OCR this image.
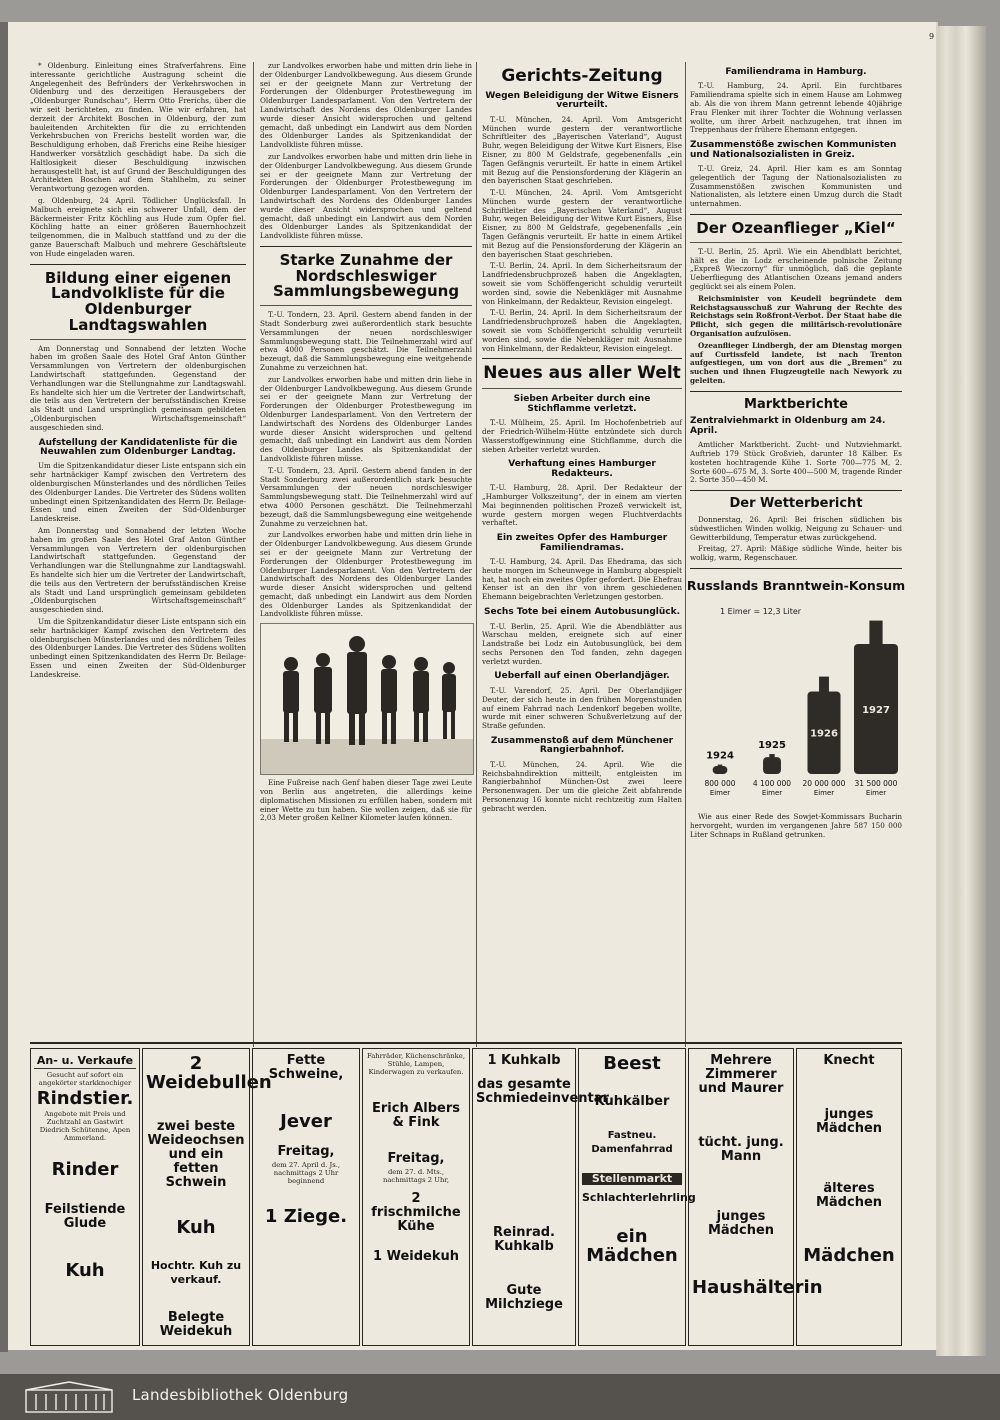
9

* Oldenburg. Einleitung eines Strafverfahrens. Eine interessante gerichtliche Austragung scheint die Angelegenheit des Befründers der Verkehrswochen in Oldenburg und des derzeitigen Herausgebers der „Oldenburger Rundschau“, Herrn Otto Frerichs, über die wir seit berichteten, zu finden. Wie wir erfahren, hat derzeit der Architekt Boschen in Oldenburg, der zum bauleitenden Architekten für die zu errichtenden Verkehrsbuchen von Frerichs bestellt worden war, die Beschuldigung erhoben, daß Frerichs eine Reihe hiesiger Handwerker vorsätzlich geschädigt habe. Da sich die Haltlosigkeit dieser Beschuldigung inzwischen herausgestellt hat, ist auf Grund der Beschuldigungen des Architekten Boschen auf dem Stahlhelm, zu seiner Verantwortung gezogen worden.

g. Oldenburg, 24 April. Tödlicher Unglücksfall. In Malbuch ereignete sich ein schwerer Unfall, dem der Bäckermeister Fritz Köchling aus Hude zum Opfer fiel. Köchling hatte an einer größeren Bauernhochzeit teilgenommen, die in Malbuch stattfand und zu der die ganze Bauerschaft Malbuch und mehrere Geschäftsleute von Hude eingeladen waren.

Bildung einer eigenen Landvolkliste für die Oldenburger Landtagswahlen

Am Donnerstag und Sonnabend der letzten Woche haben im großen Saale des Hotel Graf Anton Günther Versammlungen von Vertretern der oldenburgischen Landwirtschaft stattgefunden. Gegenstand der Verhandlungen war die Stellungnahme zur Landtagswahl. Es handelte sich hier um die Vertreter der Landwirtschaft, die teils aus den Vertretern der berufsständischen Kreise als Stadt und Land ursprünglich gemeinsam gebildeten „Oldenburgischen Wirtschaftsgemeinschaft“ ausgeschieden sind.

Aufstellung der Kandidatenliste für die Neuwahlen zum Oldenburger Landtag.

Um die Spitzenkandidatur dieser Liste entspann sich ein sehr hartnäckiger Kampf zwischen den Vertretern des oldenburgischen Münsterlandes und des nördlichen Teiles des Oldenburger Landes. Die Vertreter des Südens wollten unbedingt einen Spitzenkandidaten des Herrn Dr. Beilage-Essen und einen Zweiten der Süd-Oldenburger Landeskreise.

Am Donnerstag und Sonnabend der letzten Woche haben im großen Saale des Hotel Graf Anton Günther Versammlungen von Vertretern der oldenburgischen Landwirtschaft stattgefunden. Gegenstand der Verhandlungen war die Stellungnahme zur Landtagswahl. Es handelte sich hier um die Vertreter der Landwirtschaft, die teils aus den Vertretern der berufsständischen Kreise als Stadt und Land ursprünglich gemeinsam gebildeten „Oldenburgischen Wirtschaftsgemeinschaft“ ausgeschieden sind.

Um die Spitzenkandidatur dieser Liste entspann sich ein sehr hartnäckiger Kampf zwischen den Vertretern des oldenburgischen Münsterlandes und des nördlichen Teiles des Oldenburger Landes. Die Vertreter des Südens wollten unbedingt einen Spitzenkandidaten des Herrn Dr. Beilage-Essen und einen Zweiten der Süd-Oldenburger Landeskreise.

zur Landvolkes erworben habe und mitten drin liehe in der Oldenburger Landvolkbewegung. Aus diesem Grunde sei er der geeignete Mann zur Vertretung der Forderungen der Oldenburger Protestbewegung im Oldenburger Landesparlament. Von den Vertretern der Landwirtschaft des Nordens des Oldenburger Landes wurde dieser Ansicht widersprochen und geltend gemacht, daß unbedingt ein Landwirt aus dem Norden des Oldenburger Landes als Spitzenkandidat der Landvolkliste führen müsse.

zur Landvolkes erworben habe und mitten drin liehe in der Oldenburger Landvolkbewegung. Aus diesem Grunde sei er der geeignete Mann zur Vertretung der Forderungen der Oldenburger Protestbewegung im Oldenburger Landesparlament. Von den Vertretern der Landwirtschaft des Nordens des Oldenburger Landes wurde dieser Ansicht widersprochen und geltend gemacht, daß unbedingt ein Landwirt aus dem Norden des Oldenburger Landes als Spitzenkandidat der Landvolkliste führen müsse.

Starke Zunahme der Nordschleswiger Sammlungsbewegung

T.-U. Tondern, 23. April. Gestern abend fanden in der Stadt Sonderburg zwei außerordentlich stark besuchte Versammlungen der neuen nordschleswiger Sammlungsbewegung statt. Die Teilnehmerzahl wird auf etwa 4000 Personen geschätzt. Die Teilnehmerzahl bezeugt, daß die Sammlungsbewegung eine weitgehende Zunahme zu verzeichnen hat.

zur Landvolkes erworben habe und mitten drin liehe in der Oldenburger Landvolkbewegung. Aus diesem Grunde sei er der geeignete Mann zur Vertretung der Forderungen der Oldenburger Protestbewegung im Oldenburger Landesparlament. Von den Vertretern der Landwirtschaft des Nordens des Oldenburger Landes wurde dieser Ansicht widersprochen und geltend gemacht, daß unbedingt ein Landwirt aus dem Norden des Oldenburger Landes als Spitzenkandidat der Landvolkliste führen müsse.

T.-U. Tondern, 23. April. Gestern abend fanden in der Stadt Sonderburg zwei außerordentlich stark besuchte Versammlungen der neuen nordschleswiger Sammlungsbewegung statt. Die Teilnehmerzahl wird auf etwa 4000 Personen geschätzt. Die Teilnehmerzahl bezeugt, daß die Sammlungsbewegung eine weitgehende Zunahme zu verzeichnen hat.

zur Landvolkes erworben habe und mitten drin liehe in der Oldenburger Landvolkbewegung. Aus diesem Grunde sei er der geeignete Mann zur Vertretung der Forderungen der Oldenburger Protestbewegung im Oldenburger Landesparlament. Von den Vertretern der Landwirtschaft des Nordens des Oldenburger Landes wurde dieser Ansicht widersprochen und geltend gemacht, daß unbedingt ein Landwirt aus dem Norden des Oldenburger Landes als Spitzenkandidat der Landvolkliste führen müsse.

Eine Fußreise nach Genf haben dieser Tage zwei Leute von Berlin aus angetreten, die allerdings keine diplomatischen Missionen zu erfüllen haben, sondern mit einer Wette zu tun haben. Sie wollen zeigen, daß sie für 2,03 Meter großen Kellner Kilometer laufen können.

Gerichts-Zeitung
Wegen Beleidigung der Witwe Eisners verurteilt.

T.-U. München, 24. April. Vom Amtsgericht München wurde gestern der verantwortliche Schriftleiter des „Bayerischen Vaterland“, August Buhr, wegen Beleidigung der Witwe Kurt Eisners, Else Eisner, zu 800 M Geldstrafe, gegebenenfalls „ein Tagen Gefängnis verurteilt. Er hatte in einem Artikel mit Bezug auf die Pensionsforderung der Klägerin an den bayerischen Staat geschrieben.

T.-U. München, 24. April. Vom Amtsgericht München wurde gestern der verantwortliche Schriftleiter des „Bayerischen Vaterland“, August Buhr, wegen Beleidigung der Witwe Kurt Eisners, Else Eisner, zu 800 M Geldstrafe, gegebenenfalls „ein Tagen Gefängnis verurteilt. Er hatte in einem Artikel mit Bezug auf die Pensionsforderung der Klägerin an den bayerischen Staat geschrieben.

T.-U. Berlin, 24. April. In dem Sicherheitsraum der Landfriedensbruchprozeß haben die Angeklagten, soweit sie vom Schöffengericht schuldig verurteilt worden sind, sowie die Nebenkläger mit Ausnahme von Hinkelmann, der Redakteur, Revision eingelegt.

T.-U. Berlin, 24. April. In dem Sicherheitsraum der Landfriedensbruchprozeß haben die Angeklagten, soweit sie vom Schöffengericht schuldig verurteilt worden sind, sowie die Nebenkläger mit Ausnahme von Hinkelmann, der Redakteur, Revision eingelegt.

Neues aus aller Welt
Sieben Arbeiter durch eine Stichflamme verletzt.

T.-U. Mülheim, 25. April. Im Hochofenbetrieb auf der Friedrich-Wilhelm-Hütte entzündete sich durch Wasserstoffgewinnung eine Stichflamme, durch die sieben Arbeiter verletzt wurden.

Verhaftung eines Hamburger Redakteurs.

T.-U. Hamburg, 28. April. Der Redakteur der „Hamburger Volkszeitung“, der in einem am vierten Mai beginnenden politischen Prozeß verwickelt ist, wurde gestern morgen wegen Fluchtverdachts verhaftet.

Ein zweites Opfer des Hamburger Familiendramas.

T.-U. Hamburg, 24. April. Das Ehedrama, das sich heute morgen im Scheunwege in Hamburg abgespielt hat, hat noch ein zweites Opfer gefordert. Die Ehefrau Kenser ist an den ihr von ihrem geschiedenen Ehemann beigebrachten Verletzungen gestorben.

Sechs Tote bei einem Autobusunglück.

T.-U. Berlin, 25. April. Wie die Abendblätter aus Warschau melden, ereignete sich auf einer Landstraße bei Lodz ein Autobusunglück, bei dem sechs Personen den Tod fanden, zehn dagegen verletzt wurden.

Ueberfall auf einen Oberlandjäger.

T.-U. Varendorf, 25. April. Der Oberlandjäger Deuter, der sich heute in den frühen Morgenstunden auf einem Fahrrad nach Lendenkorf begeben wollte, wurde mit einer schweren Schußverletzung auf der Straße gefunden.

Zusammenstoß auf dem Münchener Rangierbahnhof.

T.-U. München, 24. April. Wie die Reichsbahndirektion mitteilt, entgleisten im Rangierbahnhof München-Ost zwei leere Personenwagen. Der um die gleiche Zeit abfahrende Personenzug 16 konnte nicht rechtzeitig zum Halten gebracht werden.

Familiendrama in Hamburg.

T.-U. Hamburg, 24. April. Ein furchtbares Familiendrama spielte sich in einem Hause am Lohmweg ab. Als die von ihrem Mann getrennt lebende 40jährige Frau Flenker mit ihrer Tochter die Wohnung verlassen wollte, um ihrer Arbeit nachzugehen, trat ihnen im Treppenhaus der frühere Ehemann entgegen.

Zusammenstöße zwischen Kommunisten und Nationalsozialisten in Greiz.

T.-U. Greiz, 24. April. Hier kam es am Sonntag gelegentlich der Tagung der Nationalsozialisten zu Zusammenstößen zwischen Kommunisten und Nationalisten, als letztere einen Umzug durch die Stadt unternahmen.

Der Ozeanflieger „Kiel“

T.-U. Berlin, 25. April. Wie ein Abendblatt berichtet, hält es die in Lodz erscheinende polnische Zeitung „Expreß Wieczorny“ für unmöglich, daß die geplante Ueberfliegung des Atlantischen Ozeans jemand anders geglückt sei als einem Polen.

Reichsminister von Keudell begründete dem Reichstagsausschuß zur Wahrung der Rechte des Reichstags sein Roßfront-Verbot. Der Staat habe die Pflicht, sich gegen die militärisch-revolutionäre Organisation aufzulösen.

Ozeanflieger Lindbergh, der am Dienstag morgen auf Curtissfeld landete, ist nach Trenton aufgestiegen, um von dort aus die „Bremen“ zu suchen und ihnen Flugzeugteile nach Newyork zu geleiten.

Marktberichte
Zentralviehmarkt in Oldenburg am 24. April.

Amtlicher Marktbericht. Zucht- und Nutzviehmarkt. Auftrieb 179 Stück Großvieh, darunter 18 Kälber. Es kosteten hochtragende Kühe 1. Sorte 700—775 M, 2. Sorte 600—675 M, 3. Sorte 400—500 M, tragende Rinder 2. Sorte 350—450 M.

Der Wetterbericht

Donnerstag, 26. April: Bei frischen südlichen bis südwestlichen Winden wolkig, Neigung zu Schauer- und Gewitterbildung, Temperatur etwas zurückgehend.

Freitag, 27. April: Mäßige südliche Winde, heiter bis wolkig, warm, Regenschauer.

Russlands Branntwein-Konsum
1 Eimer = 12,3 Liter
1924
800 000
Eimer
1925
4 100 000
Eimer
1926
20 000 000
Eimer
1927
31 500 000
Eimer

Wie aus einer Rede des Sowjet-Kommissars Bucharin hervorgeht, wurden im vergangenen Jahre 587 150 000 Liter Schnaps in Rußland getrunken.

An- u. Verkaufe
Gesucht auf sofort ein angekörter starkknochiger
Rindstier.
Angebote mit Preis und Zuchtzahl an Gastwirt Diedrich Schütenne, Apen Ammerland.
Rinder
Feilstiende Glude
Kuh
2 Weidebullen
zwei beste Weideochsen und ein fetten Schwein
Kuh
Hochtr. Kuh zu verkauf.
Belegte Weidekuh
Fette Schweine,
Jever
Freitag,
dem 27. April d. Js., nachmittags 2 Uhr beginnend
1 Ziege.
Fahrräder, Küchenschränke, Stühle, Lampen, Kinderwagen zu verkaufen.
Erich Albers & Fink
Freitag,
dem 27. d. Mts., nachmittags 2 Uhr,
2 frischmilche Kühe
1 Weidekuh
1 Kuhkalb
das gesamte Schmiedeinventar
Reinrad. Kuhkalb
Gute Milchziege
Beest
Kuhkälber
Fastneu. Damenfahrrad
Stellenmarkt
Schlachterlehrling
ein Mädchen
Mehrere Zimmerer und Maurer
tücht. jung. Mann
junges Mädchen
Haushälterin
Knecht
junges Mädchen
älteres Mädchen
Mädchen
Landesbibliothek Oldenburg
